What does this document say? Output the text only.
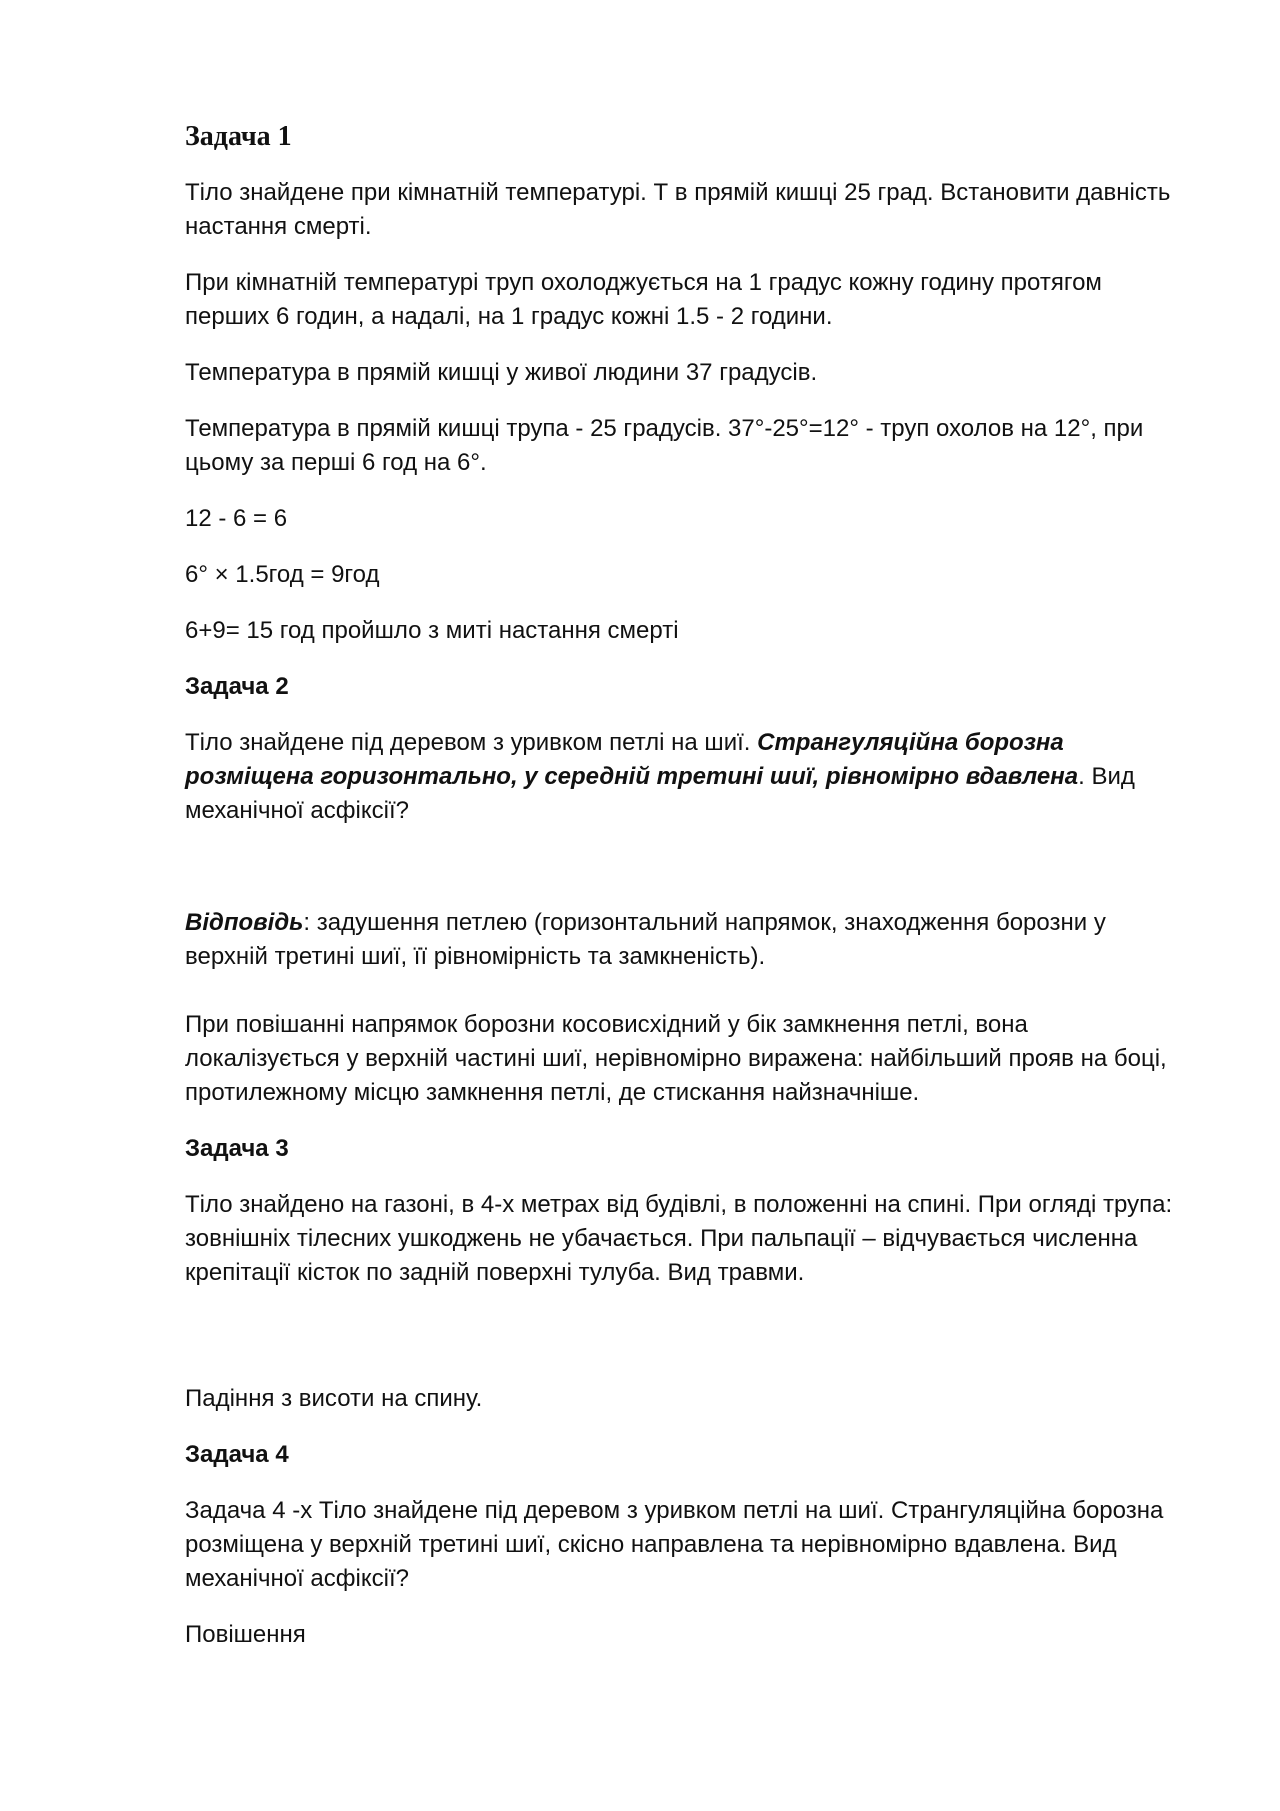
Задача 1

Тіло знайдене при кімнатній температурі. Т в прямій кишці 25 град. Встановити давність настання смерті.

При кімнатній температурі труп охолоджується на 1 градус кожну годину протягом перших 6 годин, а надалі, на 1 градус кожні 1.5 - 2 години.

Температура в прямій кишці у живої людини 37 градусів.

Температура в прямій кишці трупа - 25 градусів. 37°-25°=12° - труп охолов на 12°, при цьому за перші 6 год на 6°.

12 - 6 = 6

6° × 1.5год = 9год

6+9= 15 год пройшло з миті настання смерті

Задача 2

Тіло знайдене під деревом з уривком петлі на шиї. Странгуляційна борозна розміщена горизонтально, у середній третині шиї, рівномірно вдавлена. Вид механічної асфіксії?

Відповідь: задушення петлею (горизонтальний напрямок, знаходження борозни у верхній третині шиї, її рівномірність та замкненість).

При повішанні напрямок борозни косовисхідний у бік замкнення петлі, вона локалізується у верхній частині шиї, нерівномірно виражена: найбільший прояв на боці, протилежному місцю замкнення петлі, де стискання найзначніше.

Задача 3

Тіло знайдено на газоні, в 4-х метрах від будівлі, в положенні на спині. При огляді трупа: зовнішніх тілесних ушкоджень не убачається. При пальпації – відчувається численна крепітації кісток по задній поверхні тулуба. Вид травми.

Падіння з висоти на спину.

Задача 4

Задача 4 -х Тіло знайдене під деревом з уривком петлі на шиї. Странгуляційна борозна розміщена у верхній третині шиї, скісно направлена та нерівномірно вдавлена. Вид механічної асфіксії?

Повішення
